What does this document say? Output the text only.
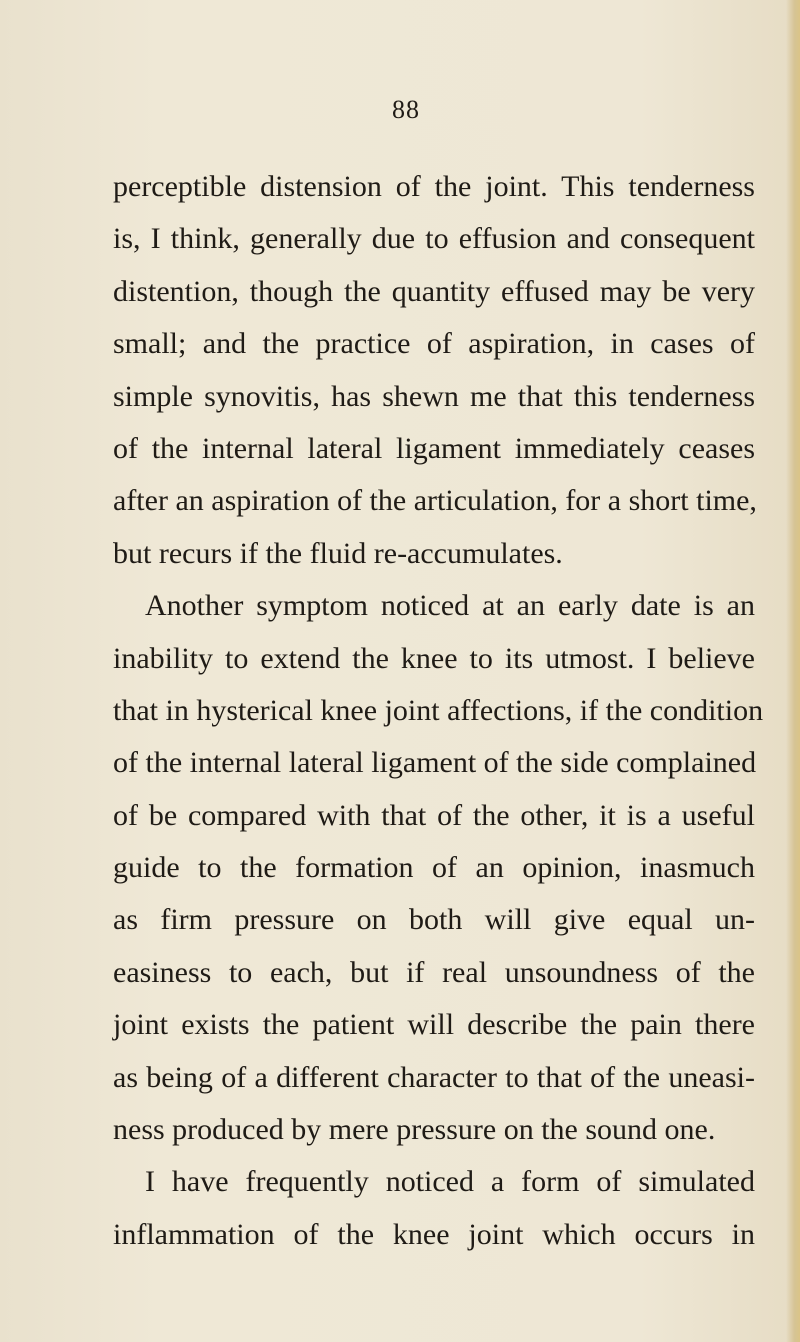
88
perceptible distension of the joint. This tenderness
is, I think, generally due to effusion and consequent
distention, though the quantity effused may be very
small; and the practice of aspiration, in cases of
simple synovitis, has shewn me that this tenderness
of the internal lateral ligament immediately ceases
after an aspiration of the articulation, for a short time,
but recurs if the fluid re-accumulates.
Another symptom noticed at an early date is an
inability to extend the knee to its utmost. I believe
that in hysterical knee joint affections, if the condition
of the internal lateral ligament of the side complained
of be compared with that of the other, it is a useful
guide to the formation of an opinion, inasmuch
as firm pressure on both will give equal un-
easiness to each, but if real unsoundness of the
joint exists the patient will describe the pain there
as being of a different character to that of the uneasi-
ness produced by mere pressure on the sound one.
I have frequently noticed a form of simulated
inflammation of the knee joint which occurs in
